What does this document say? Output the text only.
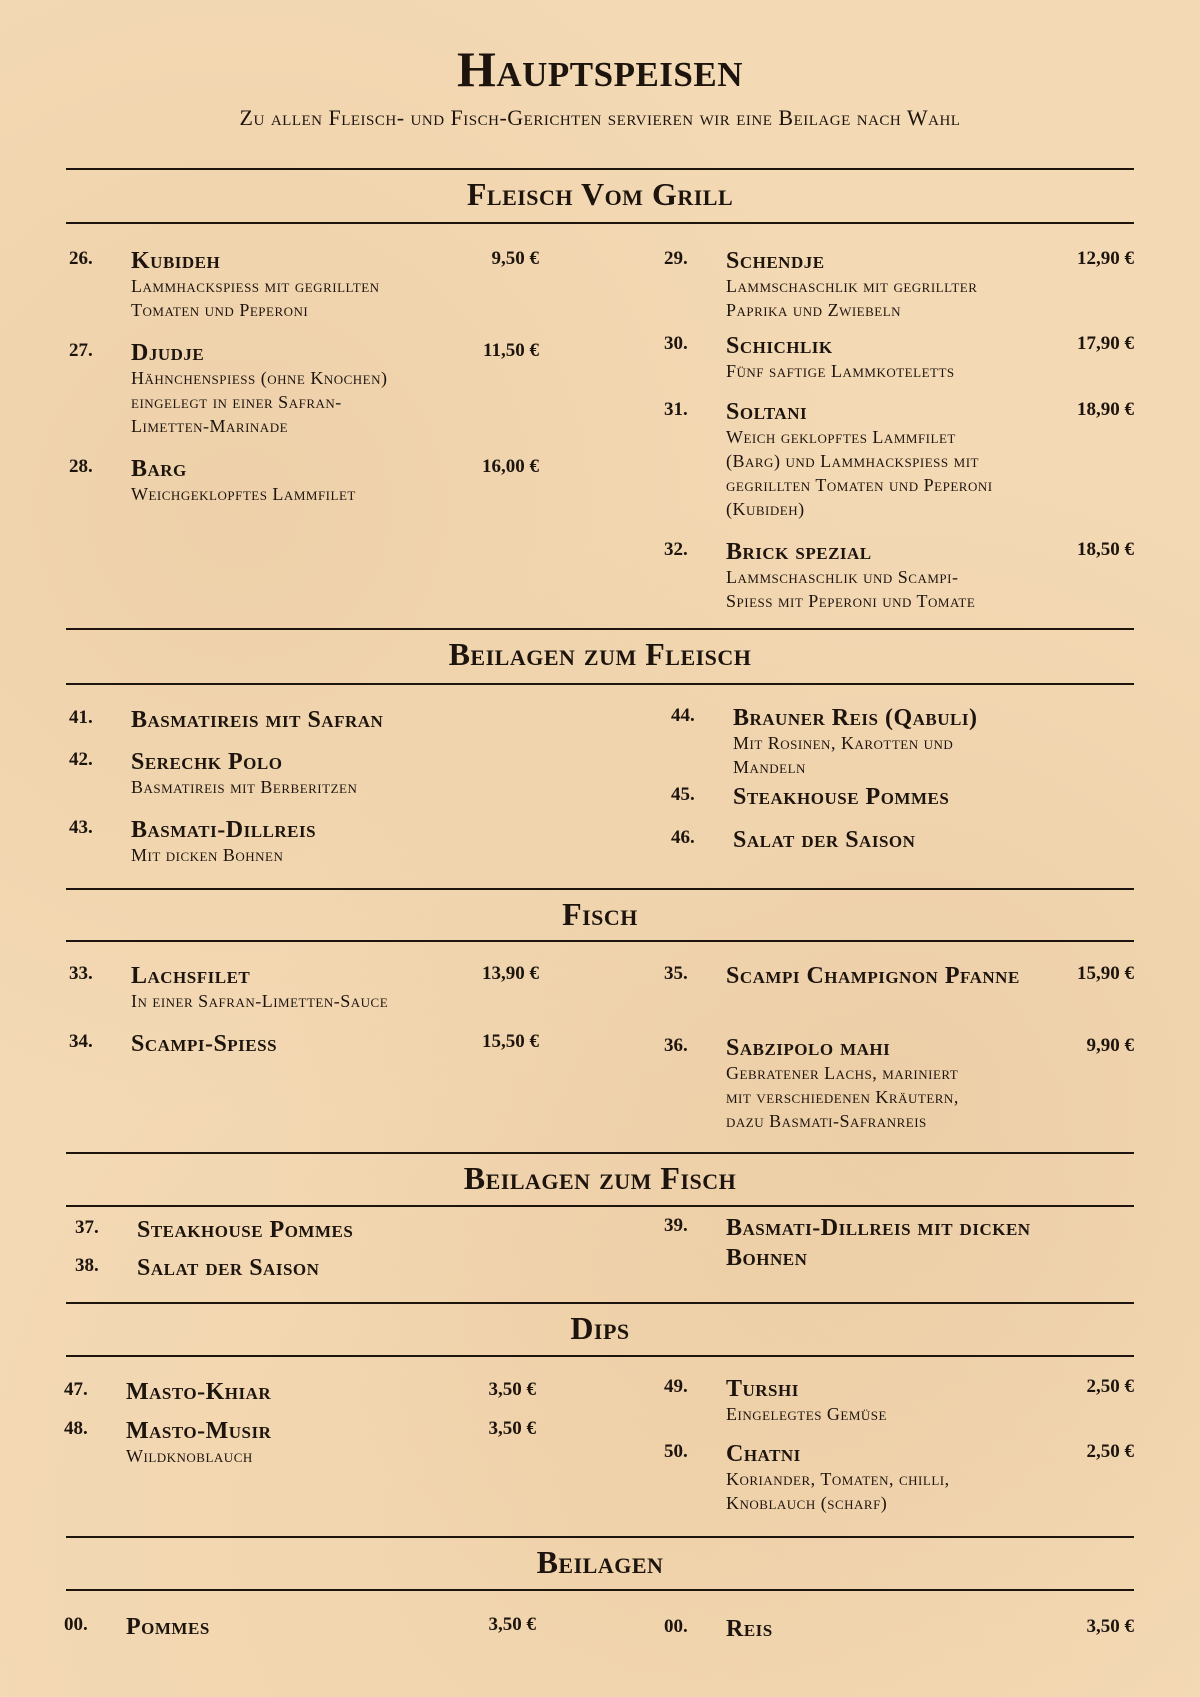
Hauptspeisen

Zu allen Fleisch- und Fisch-Gerichten servieren wir eine Beilage nach Wahl

Fleisch Vom Grill
26. Kubideh	9,50 €
Lammhackspiess mit gegrillten
Tomaten und Peperoni
27. Djudje	11,50 €
Hähnchenspiess (ohne Knochen)
eingelegt in einer Safran-
Limetten-Marinade
28. Barg	16,00 €
Weichgeklopftes Lammfilet
29. Schendje	12,90 €
Lammschaschlik mit gegrillter
Paprika und Zwiebeln
30. Schichlik	17,90 €
Fünf saftige Lammkoteletts
31. Soltani	18,90 €
Weich geklopftes Lammfilet
(Barg) und Lammhackspiess mit
gegrillten Tomaten und Peperoni
(Kubideh)
32. Brick spezial	18,50 €
Lammschaschlik und Scampi-
Spiess mit Peperoni und Tomate
Beilagen zum Fleisch
41. Basmatireis mit Safran
42. Serechk Polo
Basmatireis mit Berberitzen
43. Basmati-Dillreis
Mit dicken Bohnen
44. Brauner Reis (Qabuli)
Mit Rosinen, Karotten und
Mandeln
45. Steakhouse Pommes
46. Salat der Saison
Fisch
33. Lachsfilet	13,90 €
In einer Safran-Limetten-Sauce
34. Scampi-Spiess	15,50 €
35. Scampi Champignon Pfanne	15,90 €
36. Sabzipolo mahi	9,90 €
Gebratener Lachs, mariniert
mit verschiedenen Kräutern,
dazu Basmati-Safranreis
Beilagen zum Fisch
37. Steakhouse Pommes
38. Salat der Saison
39. Basmati-Dillreis mit dicken Bohnen
Dips
47. Masto-Khiar	3,50 €
48. Masto-Musir	3,50 €
Wildknoblauch
49. Turshi	2,50 €
Eingelegtes Gemüse
50. Chatni	2,50 €
Koriander, Tomaten, chilli,
Knoblauch (scharf)
Beilagen
00. Pommes	3,50 €	00. Reis	3,50 €
